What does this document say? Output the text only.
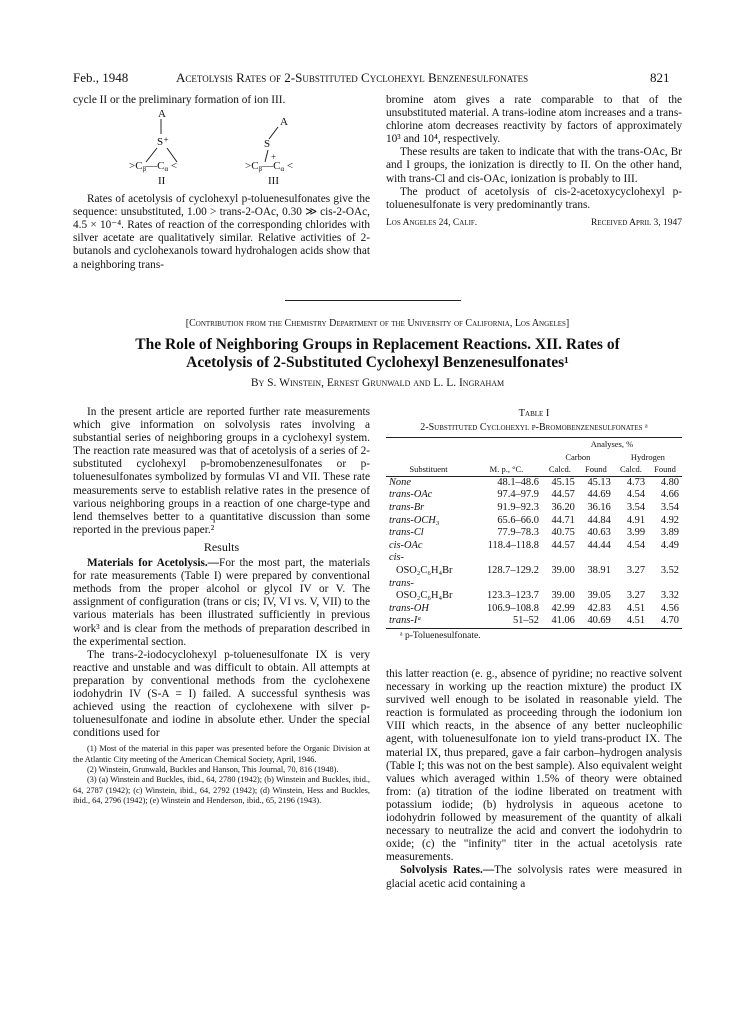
Feb., 1948	Acetolysis Rates of 2-Substituted Cyclohexyl Benzenesulfonates	821

cycle II or the preliminary formation of ion III.

A
S⁺
>Cβ—Cα <
II
A
S
+
>Cβ—Cα <
III

Rates of acetolysis of cyclohexyl p-toluenesulfonates give the sequence: unsubstituted, 1.00 > trans-2-OAc, 0.30 ≫ cis-2-OAc, 4.5 × 10⁻⁴. Rates of reaction of the corresponding chlorides with silver acetate are qualitatively similar. Relative activities of 2-butanols and cyclohexanols toward hydrohalogen acids show that a neighboring trans-

bromine atom gives a rate comparable to that of the unsubstituted material. A trans-iodine atom increases and a trans-chlorine atom decreases reactivity by factors of approximately 10³ and 10⁴, respectively.

These results are taken to indicate that with the trans-OAc, Br and I groups, the ionization is directly to II. On the other hand, with trans-Cl and cis-OAc, ionization is probably to III.

The product of acetolysis of cis-2-acetoxycyclohexyl p-toluenesulfonate is very predominantly trans.

Los Angeles 24, Calif.	Received April 3, 1947
[Contribution from the Chemistry Department of the University of California, Los Angeles]
The Role of Neighboring Groups in Replacement Reactions. XII. Rates of
Acetolysis of 2-Substituted Cyclohexyl Benzenesulfonates¹
By S. Winstein, Ernest Grunwald and L. L. Ingraham

In the present article are reported further rate measurements which give information on solvolysis rates involving a substantial series of neighboring groups in a cyclohexyl system. The reaction rate measured was that of acetolysis of a series of 2-substituted cyclohexyl p-bromobenzenesulfonates or p-toluenesulfonates symbolized by formulas VI and VII. These rate measurements serve to establish relative rates in the presence of various neighboring groups in a reaction of one charge-type and lend themselves better to a quantitative discussion than some reported in the previous paper.²

Results

Materials for Acetolysis.—For the most part, the materials for rate measurements (Table I) were prepared by conventional methods from the proper alcohol or glycol IV or V. The assignment of configuration (trans or cis; IV, VI vs. V, VII) to the various materials has been illustrated sufficiently in previous work³ and is clear from the methods of preparation described in the experimental section.

The trans-2-iodocyclohexyl p-toluenesulfonate IX is very reactive and unstable and was difficult to obtain. All attempts at preparation by conventional methods from the cyclohexene iodohydrin IV (S-A = I) failed. A successful synthesis was achieved using the reaction of cyclohexene with silver p-toluenesulfonate and iodine in absolute ether. Under the special conditions used for

(1) Most of the material in this paper was presented before the Organic Division at the Atlantic City meeting of the American Chemical Society, April, 1946.

(2) Winstein, Grunwald, Buckles and Hanson, This Journal, 70, 816 (1948).

(3) (a) Winstein and Buckles, ibid., 64, 2780 (1942); (b) Winstein and Buckles, ibid., 64, 2787 (1942); (c) Winstein, ibid., 64, 2792 (1942); (d) Winstein, Hess and Buckles, ibid., 64, 2796 (1942); (e) Winstein and Henderson, ibid., 65, 2196 (1943).

Table I
2-Substituted Cyclohexyl p-Bromobenzenesulfonates ᵃ
		Analyses, %			
		Carbon		Hydrogen	
Substituent	M. p., °C.	Calcd.	Found	Calcd.	Found
None	48.1–48.6	45.15	45.13	4.73	4.80
trans-OAc	97.4–97.9	44.57	44.69	4.54	4.66
trans-Br	91.9–92.3	36.20	36.16	3.54	3.54
trans-OCH₃	65.6–66.0	44.71	44.84	4.91	4.92
trans-Cl	77.9–78.3	40.75	40.63	3.99	3.89
cis-OAc	118.4–118.8	44.57	44.44	4.54	4.49
cis-					
OSO₂C₆H₄Br	128.7–129.2	39.00	38.91	3.27	3.52
trans-					
OSO₂C₆H₄Br	123.3–123.7	39.00	39.05	3.27	3.32
trans-OH	106.9–108.8	42.99	42.83	4.51	4.56
trans-Iᵃ	51–52	41.06	40.69	4.51	4.70
ᵃ p-Toluenesulfonate.

this latter reaction (e. g., absence of pyridine; no reactive solvent necessary in working up the reaction mixture) the product IX survived well enough to be isolated in reasonable yield. The reaction is formulated as proceeding through the iodonium ion VIII which reacts, in the absence of any better nucleophilic agent, with toluenesulfonate ion to yield trans-product IX. The material IX, thus prepared, gave a fair carbon–hydrogen analysis (Table I; this was not on the best sample). Also equivalent weight values which averaged within 1.5% of theory were obtained from: (a) titration of the iodine liberated on treatment with potassium iodide; (b) hydrolysis in aqueous acetone to iodohydrin followed by measurement of the quantity of alkali necessary to neutralize the acid and convert the iodohydrin to oxide; (c) the "infinity" titer in the actual acetolysis rate measurements.

Solvolysis Rates.—The solvolysis rates were measured in glacial acetic acid containing a
